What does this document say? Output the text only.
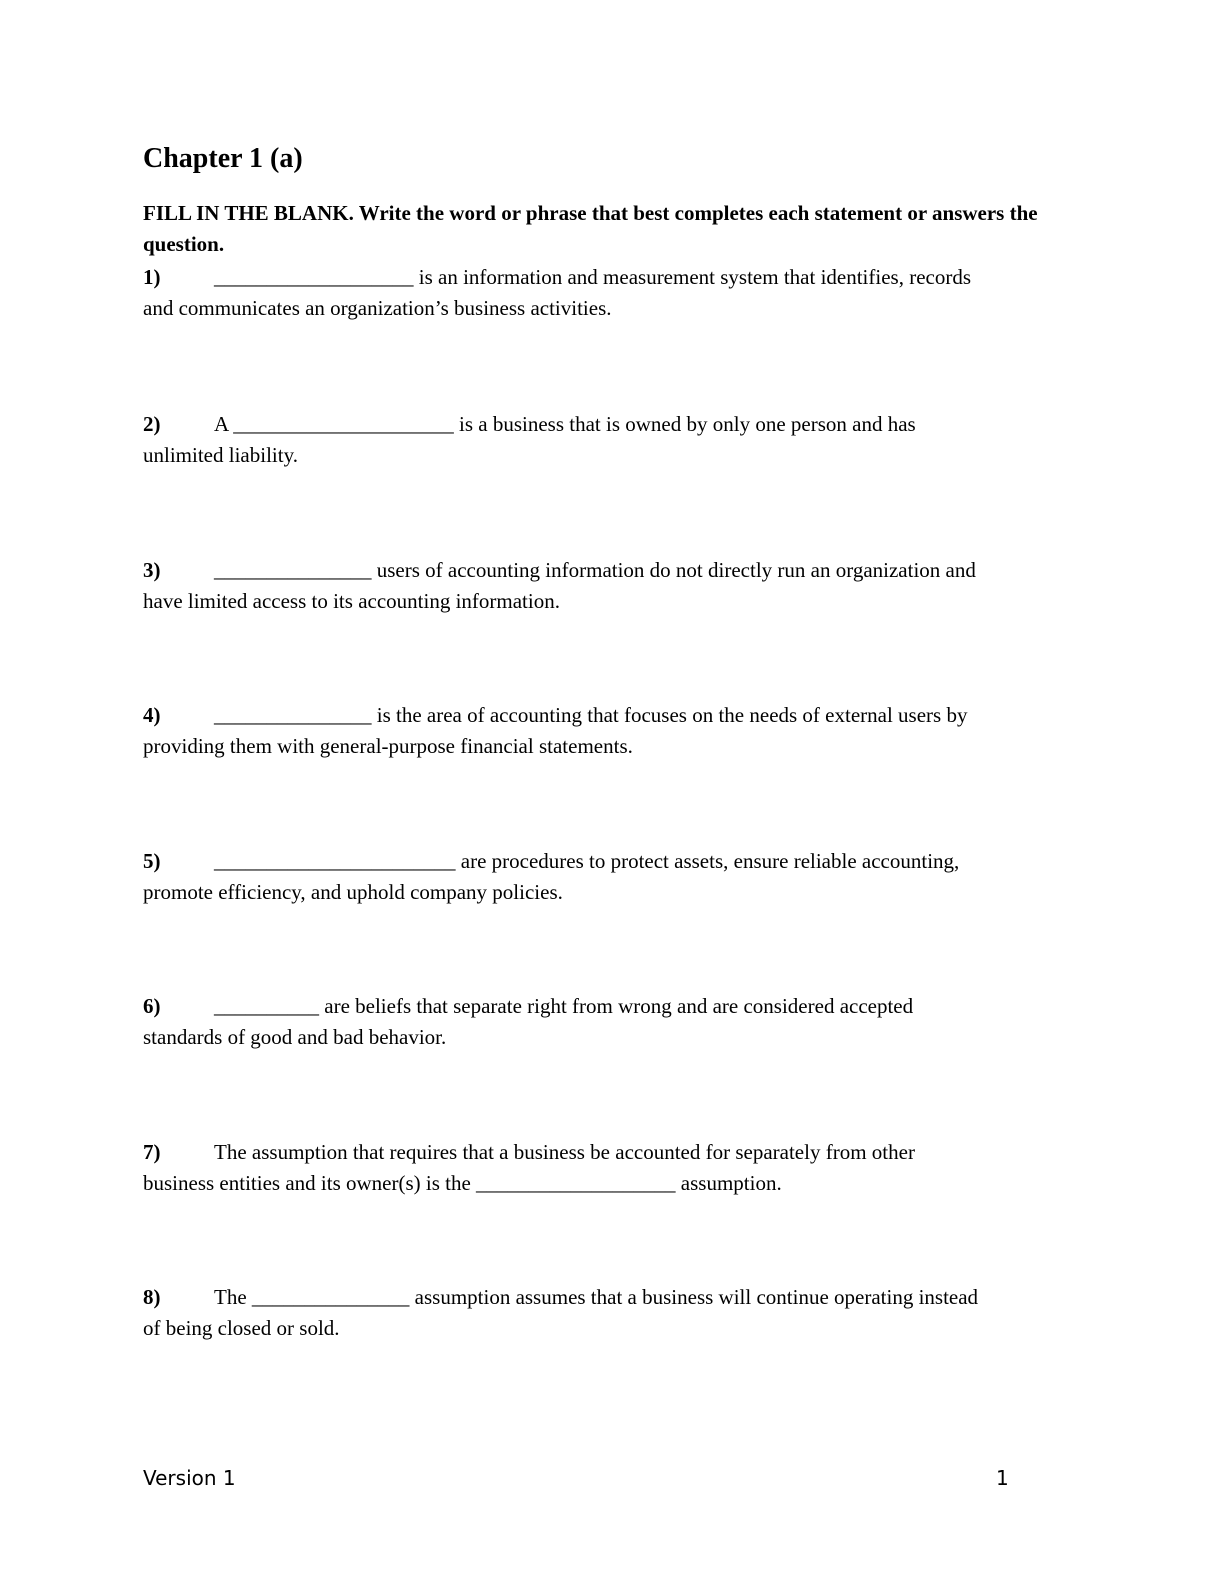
Chapter 1 (a)

FILL IN THE BLANK. Write the word or phrase that best completes each statement or answers the question.

1)	___________________ is an information and measurement system that identifies, records
and communicates an organization’s business activities.
2)	A _____________________ is a business that is owned by only one person and has
unlimited liability.
3)	_______________ users of accounting information do not directly run an organization and
have limited access to its accounting information.
4)	_______________ is the area of accounting that focuses on the needs of external users by
providing them with general-purpose financial statements.
5)	_______________________ are procedures to protect assets, ensure reliable accounting,
promote efficiency, and uphold company policies.
6)	__________ are beliefs that separate right from wrong and are considered accepted
standards of good and bad behavior.
7)	The assumption that requires that a business be accounted for separately from other
business entities and its owner(s) is the ___________________ assumption.
8)	The _______________ assumption assumes that a business will continue operating instead
of being closed or sold.
Version 1	1
